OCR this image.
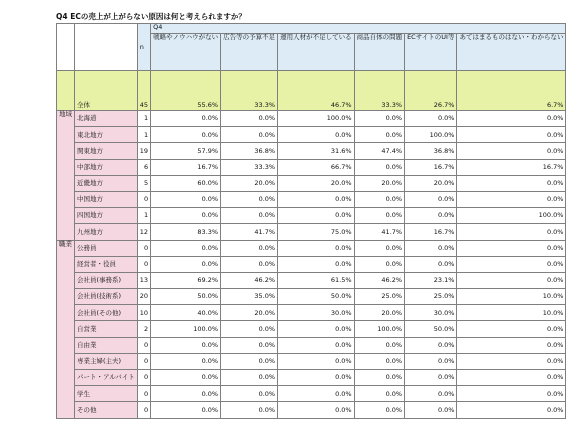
Q4 ECの売上が上がらない原因は何と考えられますか？
		n	Q4					
			戦略やノウハウがない	広告等の予算不足	運用人材が不足している	商品自体の問題	ECサイトのUI等	あてはまるものはない・わからない
	全体	45	55.6%	33.3%	46.7%	33.3%	26.7%	6.7%
地域	北海道	1	0.0%	0.0%	100.0%	0.0%	0.0%	0.0%
	東北地方	1	0.0%	0.0%	0.0%	0.0%	100.0%	0.0%
	関東地方	19	57.9%	36.8%	31.6%	47.4%	36.8%	0.0%
	中部地方	6	16.7%	33.3%	66.7%	0.0%	16.7%	16.7%
	近畿地方	5	60.0%	20.0%	20.0%	20.0%	20.0%	0.0%
	中国地方	0	0.0%	0.0%	0.0%	0.0%	0.0%	0.0%
	四国地方	1	0.0%	0.0%	0.0%	0.0%	0.0%	100.0%
	九州地方	12	83.3%	41.7%	75.0%	41.7%	16.7%	0.0%
職業	公務員	0	0.0%	0.0%	0.0%	0.0%	0.0%	0.0%
	経営者・役員	0	0.0%	0.0%	0.0%	0.0%	0.0%	0.0%
	会社員(事務系)	13	69.2%	46.2%	61.5%	46.2%	23.1%	0.0%
	会社員(技術系)	20	50.0%	35.0%	50.0%	25.0%	25.0%	10.0%
	会社員(その他)	10	40.0%	20.0%	30.0%	20.0%	30.0%	10.0%
	自営業	2	100.0%	0.0%	0.0%	100.0%	50.0%	0.0%
	自由業	0	0.0%	0.0%	0.0%	0.0%	0.0%	0.0%
	専業主婦(主夫)	0	0.0%	0.0%	0.0%	0.0%	0.0%	0.0%
	パート・アルバイト	0	0.0%	0.0%	0.0%	0.0%	0.0%	0.0%
	学生	0	0.0%	0.0%	0.0%	0.0%	0.0%	0.0%
	その他	0	0.0%	0.0%	0.0%	0.0%	0.0%	0.0%
